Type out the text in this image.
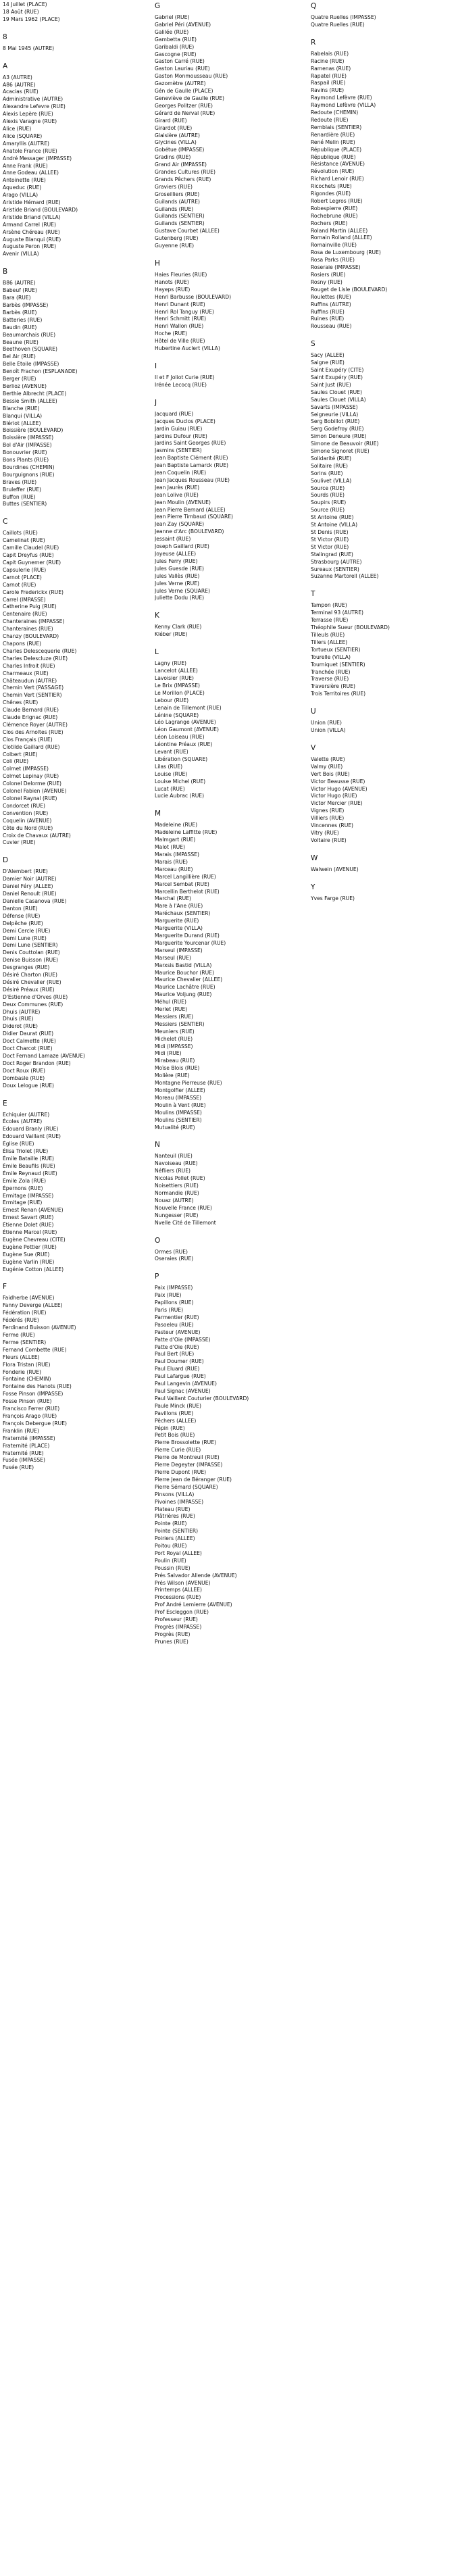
14 Juillet (PLACE)
18 Août (RUE)
19 Mars 1962 (PLACE)
8
8 Mai 1945 (AUTRE)
A
A3 (AUTRE)
A86 (AUTRE)
Acacias (RUE)
Administrative (AUTRE)
Alexandre Lefevre (RUE)
Alexis Lepère (RUE)
Alexis Varagne (RUE)
Alice (RUE)
Alice (SQUARE)
Amaryllis (AUTRE)
Anatole France (RUE)
André Messager (IMPASSE)
Anne Frank (RUE)
Anne Godeau (ALLEE)
Antoinette (RUE)
Aqueduc (RUE)
Arago (VILLA)
Aristide Hémard (RUE)
Aristide Briand (BOULEVARD)
Aristide Briand (VILLA)
Armand Carrel (RUE)
Arsène Chéreau (RUE)
Auguste Blanqui (RUE)
Auguste Peron (RUE)
Avenir (VILLA)
B
B86 (AUTRE)
Babeuf (RUE)
Bara (RUE)
Barbès (IMPASSE)
Barbès (RUE)
Batteries (RUE)
Baudin (RUE)
Beaumarchais (RUE)
Beaune (RUE)
Beethoven (SQUARE)
Bel Air (RUE)
Belle Étoile (IMPASSE)
Benoît Frachon (ESPLANADE)
Berger (RUE)
Berlioz (AVENUE)
Berthie Albrecht (PLACE)
Bessie Smith (ALLEE)
Blanche (RUE)
Blanqui (VILLA)
Blériot (ALLEE)
Boissière (BOULEVARD)
Boissière (IMPASSE)
Bol d'Air (IMPASSE)
Bonouvrier (RUE)
Bons Plants (RUE)
Bourdines (CHEMIN)
Bourguignons (RUE)
Braves (RUE)
Bruleffer (RUE)
Buffon (RUE)
Buttes (SENTIER)
C
Caillots (RUE)
Camelinat (RUE)
Camille Claudel (RUE)
Capit Dreyfus (RUE)
Capit Guynemer (RUE)
Capsulerie (RUE)
Carnot (PLACE)
Carnot (RUE)
Carole Frederickx (RUE)
Carrel (IMPASSE)
Catherine Puig (RUE)
Centenaire (RUE)
Chanteraines (IMPASSE)
Chanteraines (RUE)
Chanzy (BOULEVARD)
Chapons (RUE)
Charles Delescequerie (RUE)
Charles Delescluze (RUE)
Charles Infroit (RUE)
Charmeaux (RUE)
Châteaudun (AUTRE)
Chemin Vert (PASSAGE)
Chemin Vert (SENTIER)
Chênes (RUE)
Claude Bernard (RUE)
Claude Erignac (RUE)
Clémence Royer (AUTRE)
Clos des Arnoltes (RUE)
Clos Français (RUE)
Clotilde Gaillard (RUE)
Colbert (RUE)
Coli (RUE)
Colmet (IMPASSE)
Colmet Lepinay (RUE)
Colonel Delorme (RUE)
Colonel Fabien (AVENUE)
Colonel Raynal (RUE)
Condorcet (RUE)
Convention (RUE)
Coquelin (AVENUE)
Côte du Nord (RUE)
Croix de Chavaux (AUTRE)
Cuvier (RUE)
D
D'Alembert (RUE)
Damier Noir (AUTRE)
Daniel Féry (ALLEE)
Daniel Renoult (RUE)
Danielle Casanova (RUE)
Danton (RUE)
Défense (RUE)
Delpêche (RUE)
Demi Cercle (RUE)
Demi Lune (RUE)
Demi Lune (SENTIER)
Denis Couttolan (RUE)
Denise Buisson (RUE)
Desgranges (RUE)
Désiré Charton (RUE)
Désiré Chevalier (RUE)
Désiré Préaux (RUE)
D'Estienne d'Orves (RUE)
Deux Communes (RUE)
Dhuis (AUTRE)
Dhuis (RUE)
Diderot (RUE)
Didier Daurat (RUE)
Doct Calmette (RUE)
Doct Charcot (RUE)
Doct Fernand Lamaze (AVENUE)
Doct Roger Brandon (RUE)
Doct Roux (RUE)
Dombasle (RUE)
Doux Lelogue (RUE)
E
Echiquier (AUTRE)
Écoles (AUTRE)
Edouard Branly (RUE)
Edouard Vaillant (RUE)
Église (RUE)
Élisa Triolet (RUE)
Émile Bataille (RUE)
Émile Beaufils (RUE)
Émile Reynaud (RUE)
Émile Zola (RUE)
Épernons (RUE)
Ermitage (IMPASSE)
Ermitage (RUE)
Ernest Renan (AVENUE)
Ernest Savart (RUE)
Étienne Dolet (RUE)
Étienne Marcel (RUE)
Eugène Chevreau (CITE)
Eugène Pottier (RUE)
Eugène Sue (RUE)
Eugène Varlin (RUE)
Eugénie Cotton (ALLEE)
F
Faidherbe (AVENUE)
Fanny Deverge (ALLEE)
Fédération (RUE)
Fédérés (RUE)
Ferdinand Buisson (AVENUE)
Ferme (RUE)
Ferme (SENTIER)
Fernand Combette (RUE)
Fleurs (ALLEE)
Flora Tristan (RUE)
Fonderie (RUE)
Fontaine (CHEMIN)
Fontaine des Hanots (RUE)
Fosse Pinson (IMPASSE)
Fosse Pinson (RUE)
Francisco Ferrer (RUE)
François Arago (RUE)
François Debergue (RUE)
Franklin (RUE)
Fraternité (IMPASSE)
Fraternité (PLACE)
Fraternité (RUE)
Fusée (IMPASSE)
Fusée (RUE)
G
Gabriel (RUE)
Gabriel Péri (AVENUE)
Galilée (RUE)
Gambetta (RUE)
Garibaldi (RUE)
Gascogne (RUE)
Gaston Carré (RUE)
Gaston Lauriau (RUE)
Gaston Monmousseau (RUE)
Gazomètre (AUTRE)
Gén de Gaulle (PLACE)
Geneviève de Gaulle (RUE)
Georges Politzer (RUE)
Gérard de Nerval (RUE)
Girard (RUE)
Girardot (RUE)
Glaisière (AUTRE)
Glycines (VILLA)
Gobétue (IMPASSE)
Gradins (RUE)
Grand Air (IMPASSE)
Grandes Cultures (RUE)
Grands Pêchers (RUE)
Graviers (RUE)
Groseilliers (RUE)
Guilands (AUTRE)
Guilands (RUE)
Guilands (SENTIER)
Guilands (SENTIER)
Gustave Courbet (ALLEE)
Gutenberg (RUE)
Guyenne (RUE)
H
Haies Fleuries (RUE)
Hanots (RUE)
Hayeps (RUE)
Henri Barbusse (BOULEVARD)
Henri Dunant (RUE)
Henri Rol Tanguy (RUE)
Henri Schmitt (RUE)
Henri Wallon (RUE)
Hoche (RUE)
Hôtel de Ville (RUE)
Hubertine Auclert (VILLA)
I
Il et F Joliot Curie (RUE)
Irénée Lecocq (RUE)
J
Jacquard (RUE)
Jacques Duclos (PLACE)
Jardin Guiau (RUE)
Jardins Dufour (RUE)
Jardins Saint Georges (RUE)
Jasmins (SENTIER)
Jean Baptiste Clément (RUE)
Jean Baptiste Lamarck (RUE)
Jean Coquelin (RUE)
Jean Jacques Rousseau (RUE)
Jean Jaurès (RUE)
Jean Lolive (RUE)
Jean Moulin (AVENUE)
Jean Pierre Bernard (ALLEE)
Jean Pierre Timbaud (SQUARE)
Jean Zay (SQUARE)
Jeanne d'Arc (BOULEVARD)
Jessaint (RUE)
Joseph Gaillard (RUE)
Joyeuse (ALLEE)
Jules Ferry (RUE)
Jules Guesde (RUE)
Jules Vallès (RUE)
Jules Verne (RUE)
Jules Verne (SQUARE)
Juliette Dodu (RUE)
K
Kenny Clark (RUE)
Kléber (RUE)
L
Lagny (RUE)
Lancelot (ALLEE)
Lavoisier (RUE)
Le Brix (IMPASSE)
Le Morillon (PLACE)
Lebour (RUE)
Lenain de Tillemont (RUE)
Lénine (SQUARE)
Léo Lagrange (AVENUE)
Léon Gaumont (AVENUE)
Léon Loiseau (RUE)
Léontine Préaux (RUE)
Levant (RUE)
Libération (SQUARE)
Lilas (RUE)
Louise (RUE)
Louise Michel (RUE)
Lucat (RUE)
Lucie Aubrac (RUE)
M
Madeleine (RUE)
Madeleine Laffitte (RUE)
Malmgart (RUE)
Malot (RUE)
Marais (IMPASSE)
Marais (RUE)
Marceau (RUE)
Marcel Langillière (RUE)
Marcel Sembat (RUE)
Marcellin Berthelot (RUE)
Marchal (RUE)
Mare à l'Ane (RUE)
Maréchaux (SENTIER)
Marguerite (RUE)
Marguerite (VILLA)
Marguerite Durand (RUE)
Marguerite Yourcenar (RUE)
Marseul (IMPASSE)
Marseul (RUE)
Marxsis Bastid (VILLA)
Maurice Bouchor (RUE)
Maurice Chevalier (ALLEE)
Maurice Lachâtre (RUE)
Maurice Voljung (RUE)
Méhul (RUE)
Merlet (RUE)
Messiers (RUE)
Messiers (SENTIER)
Meuniers (RUE)
Michelet (RUE)
Midi (IMPASSE)
Midi (RUE)
Mirabeau (RUE)
Moïse Blois (RUE)
Molière (RUE)
Montagne Pierreuse (RUE)
Montgolfier (ALLEE)
Moreau (IMPASSE)
Moulin à Vent (RUE)
Moulins (IMPASSE)
Moulins (SENTIER)
Mutualité (RUE)
N
Nanteuil (RUE)
Navoiseau (RUE)
Néfliers (RUE)
Nicolas Pollet (RUE)
Noisettiers (RUE)
Normandie (RUE)
Nouaz (AUTRE)
Nouvelle France (RUE)
Nungesser (RUE)
Nvelle Cité de Tillemont
O
Ormes (RUE)
Oseraies (RUE)
P
Paix (IMPASSE)
Paix (RUE)
Papillons (RUE)
Paris (RUE)
Parmentier (RUE)
Pasoeleu (RUE)
Pasteur (AVENUE)
Patte d'Oie (IMPASSE)
Patte d'Oie (RUE)
Paul Bert (RUE)
Paul Doumer (RUE)
Paul Eluard (RUE)
Paul Lafargue (RUE)
Paul Langevin (AVENUE)
Paul Signac (AVENUE)
Paul Vaillant Couturier (BOULEVARD)
Paule Minck (RUE)
Pavillons (RUE)
Pêchers (ALLEE)
Pépin (RUE)
Petit Bois (RUE)
Pierre Brossolette (RUE)
Pierre Curie (RUE)
Pierre de Montreuil (RUE)
Pierre Degeyter (IMPASSE)
Pierre Dupont (RUE)
Pierre Jean de Béranger (RUE)
Pierre Sémard (SQUARE)
Pinsons (VILLA)
Pivoines (IMPASSE)
Plateau (RUE)
Plâtrières (RUE)
Pointe (RUE)
Pointe (SENTIER)
Poiriers (ALLEE)
Poitou (RUE)
Port Royal (ALLEE)
Poulin (RUE)
Poussin (RUE)
Prés Salvador Allende (AVENUE)
Prés Wilson (AVENUE)
Printemps (ALLEE)
Processions (RUE)
Prof André Lemierre (AVENUE)
Prof Escleggon (RUE)
Professeur (RUE)
Progrès (IMPASSE)
Progrès (RUE)
Prunes (RUE)
Q
Quatre Ruelles (IMPASSE)
Quatre Ruelles (RUE)
R
Rabelais (RUE)
Racine (RUE)
Ramenas (RUE)
Rapatel (RUE)
Raspail (RUE)
Ravins (RUE)
Raymond Lefèvre (RUE)
Raymond Lefèvre (VILLA)
Redoute (CHEMIN)
Redoute (RUE)
Remblais (SENTIER)
Renardière (RUE)
René Melin (RUE)
République (PLACE)
République (RUE)
Résistance (AVENUE)
Révolution (RUE)
Richard Lenoir (RUE)
Ricochets (RUE)
Rigondes (RUE)
Robert Legros (RUE)
Robespierre (RUE)
Rochebrune (RUE)
Rochers (RUE)
Roland Martin (ALLEE)
Romain Rolland (ALLEE)
Romainville (RUE)
Rosa de Luxembourg (RUE)
Rosa Parks (RUE)
Roseraie (IMPASSE)
Rosiers (RUE)
Rosny (RUE)
Rouget de Lisle (BOULEVARD)
Roulettes (RUE)
Ruffins (AUTRE)
Ruffins (RUE)
Ruines (RUE)
Rousseau (RUE)
S
Sacy (ALLEE)
Saigne (RUE)
Saint Exupéry (CITE)
Saint Exupéry (RUE)
Saint Just (RUE)
Saules Clouet (RUE)
Saules Clouet (VILLA)
Savarts (IMPASSE)
Seigneurie (VILLA)
Serg Bobillot (RUE)
Serg Godefroy (RUE)
Simon Deneure (RUE)
Simone de Beauvoir (RUE)
Simone Signoret (RUE)
Solidarité (RUE)
Solitaire (RUE)
Sorins (RUE)
Soulivet (VILLA)
Source (RUE)
Sourds (RUE)
Soupirs (RUE)
Source (RUE)
St Antoine (RUE)
St Antoine (VILLA)
St Denis (RUE)
St Victor (RUE)
St Victor (RUE)
Stalingrad (RUE)
Strasbourg (AUTRE)
Sureaux (SENTIER)
Suzanne Martorell (ALLEE)
T
Tampon (RUE)
Terminal 93 (AUTRE)
Terrasse (RUE)
Théophile Sueur (BOULEVARD)
Tilleuls (RUE)
Tillers (ALLEE)
Tortueux (SENTIER)
Tourelle (VILLA)
Tourniquet (SENTIER)
Tranchée (RUE)
Traverse (RUE)
Traversière (RUE)
Trois Territoires (RUE)
U
Union (RUE)
Union (VILLA)
V
Valette (RUE)
Valmy (RUE)
Vert Bois (RUE)
Victor Beausse (RUE)
Victor Hugo (AVENUE)
Victor Hugo (RUE)
Victor Mercier (RUE)
Vignes (RUE)
Villiers (RUE)
Vincennes (RUE)
Vitry (RUE)
Voltaire (RUE)
W
Walwein (AVENUE)
Y
Yves Farge (RUE)
